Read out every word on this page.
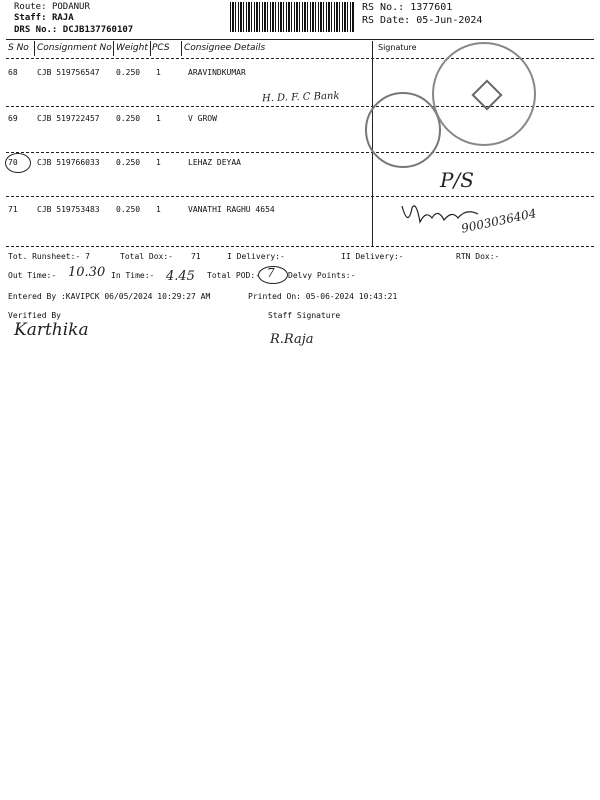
Route: PODANUR
Staff: RAJA
DRS No.: DCJB137760107
RS No.: 1377601
RS Date: 05-Jun-2024
S No Consignment No Weight PCS Consignee Details	Signature
68 CJB 519756547 0.250 1	ARAVINDKUMAR
H. D. F. C Bank
69 CJB 519722457 0.250 1	V GROW
70 CJB 519766033 0.250 1	LEHAZ DEYAA
P/S
71 CJB 519753483 0.250 1	VANATHI RAGHU 4654	9003036404
Tot. Runsheet:- 7	Total Dox:- 71	I Delivery:-	II Delivery:-	RTN Dox:-
Out Time:- 10.30 In Time:- 4.45 Total POD:- 7 Delvy Points:-
Entered By :KAVIPCK 06/05/2024 10:29:27 AM	Printed On: 05-06-2024 10:43:21
Verified By	Staff Signature
Karthika	R.Raja
